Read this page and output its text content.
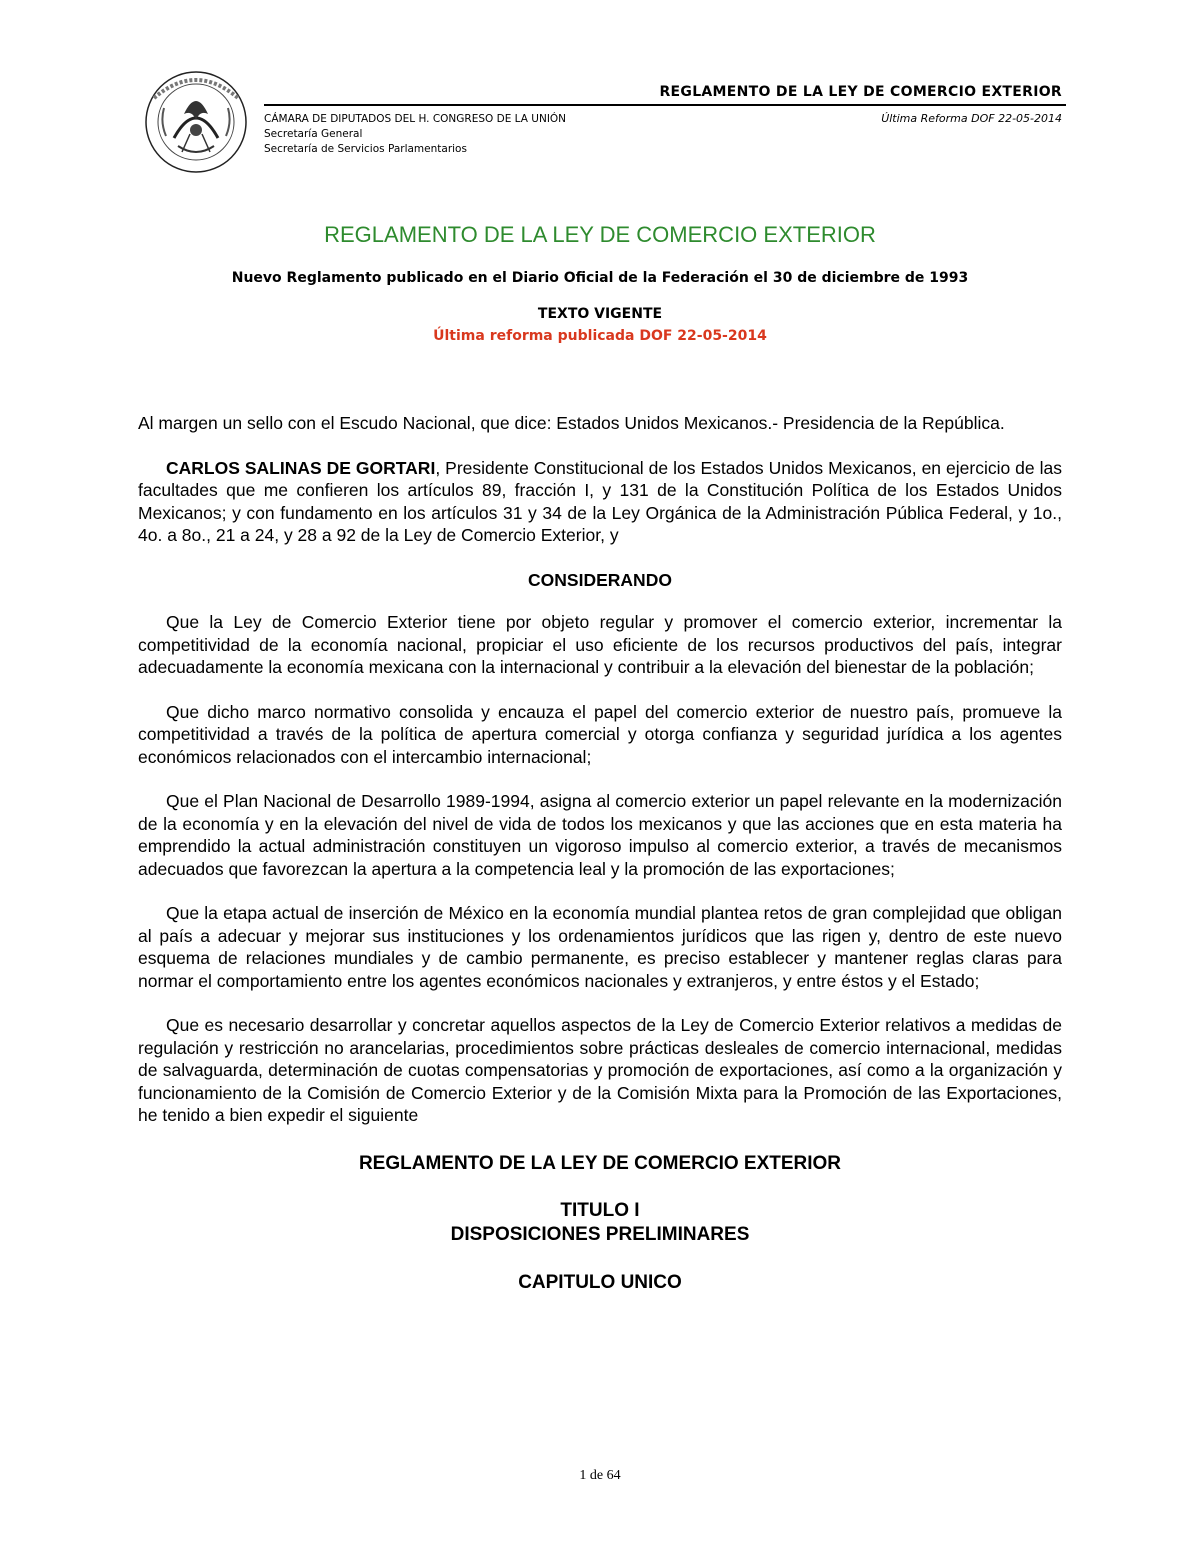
REGLAMENTO DE LA LEY DE COMERCIO EXTERIOR
CÁMARA DE DIPUTADOS DEL H. CONGRESO DE LA UNIÓN
Secretaría General
Secretaría de Servicios Parlamentarios
Última Reforma DOF 22-05-2014
REGLAMENTO DE LA LEY DE COMERCIO EXTERIOR
Nuevo Reglamento publicado en el Diario Oficial de la Federación el 30 de diciembre de 1993
TEXTO VIGENTE
Última reforma publicada DOF 22-05-2014

Al margen un sello con el Escudo Nacional, que dice: Estados Unidos Mexicanos.- Presidencia de la República.

CARLOS SALINAS DE GORTARI, Presidente Constitucional de los Estados Unidos Mexicanos, en ejercicio de las facultades que me confieren los artículos 89, fracción I, y 131 de la Constitución Política de los Estados Unidos Mexicanos; y con fundamento en los artículos 31 y 34 de la Ley Orgánica de la Administración Pública Federal, y 1o., 4o. a 8o., 21 a 24, y 28 a 92 de la Ley de Comercio Exterior, y

CONSIDERANDO

Que la Ley de Comercio Exterior tiene por objeto regular y promover el comercio exterior, incrementar la competitividad de la economía nacional, propiciar el uso eficiente de los recursos productivos del país, integrar adecuadamente la economía mexicana con la internacional y contribuir a la elevación del bienestar de la población;

Que dicho marco normativo consolida y encauza el papel del comercio exterior de nuestro país, promueve la competitividad a través de la política de apertura comercial y otorga confianza y seguridad jurídica a los agentes económicos relacionados con el intercambio internacional;

Que el Plan Nacional de Desarrollo 1989-1994, asigna al comercio exterior un papel relevante en la modernización de la economía y en la elevación del nivel de vida de todos los mexicanos y que las acciones que en esta materia ha emprendido la actual administración constituyen un vigoroso impulso al comercio exterior, a través de mecanismos adecuados que favorezcan la apertura a la competencia leal y la promoción de las exportaciones;

Que la etapa actual de inserción de México en la economía mundial plantea retos de gran complejidad que obligan al país a adecuar y mejorar sus instituciones y los ordenamientos jurídicos que las rigen y, dentro de este nuevo esquema de relaciones mundiales y de cambio permanente, es preciso establecer y mantener reglas claras para normar el comportamiento entre los agentes económicos nacionales y extranjeros, y entre éstos y el Estado;

Que es necesario desarrollar y concretar aquellos aspectos de la Ley de Comercio Exterior relativos a medidas de regulación y restricción no arancelarias, procedimientos sobre prácticas desleales de comercio internacional, medidas de salvaguarda, determinación de cuotas compensatorias y promoción de exportaciones, así como a la organización y funcionamiento de la Comisión de Comercio Exterior y de la Comisión Mixta para la Promoción de las Exportaciones, he tenido a bien expedir el siguiente

REGLAMENTO DE LA LEY DE COMERCIO EXTERIOR
TITULO I
DISPOSICIONES PRELIMINARES
CAPITULO UNICO
1 de 64
